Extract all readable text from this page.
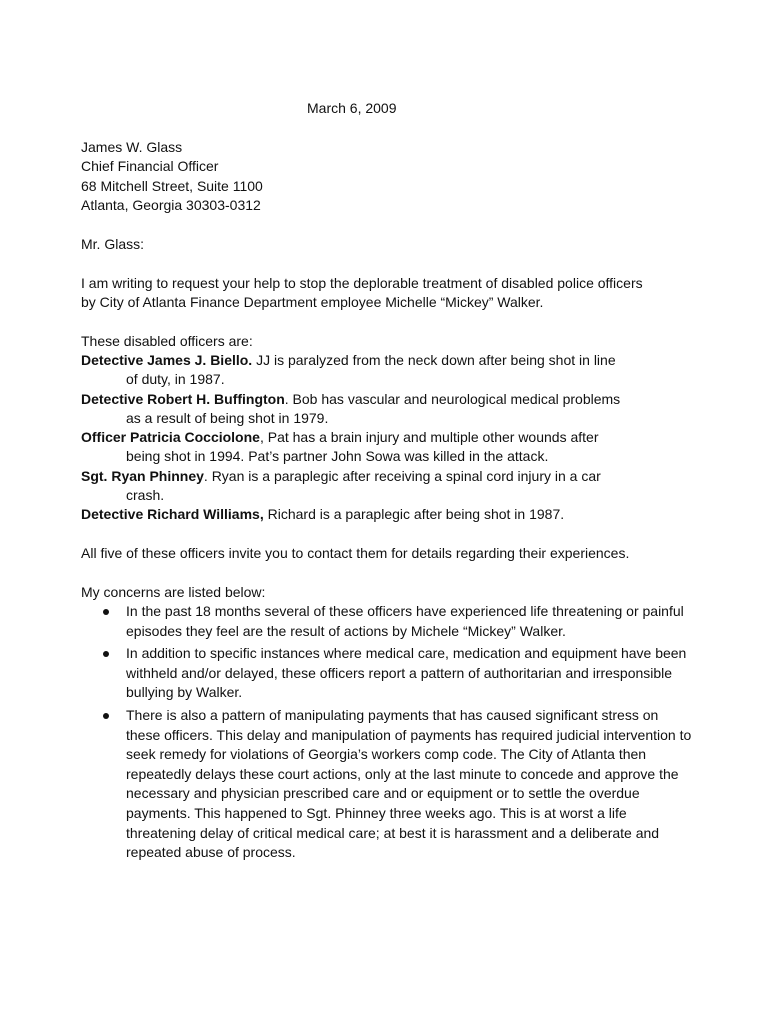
March 6, 2009
James W. Glass
Chief Financial Officer
68 Mitchell Street, Suite 1100
Atlanta, Georgia 30303-0312
Mr. Glass:
I am writing to request your help to stop the deplorable treatment of disabled police officers
by City of Atlanta Finance Department employee Michelle “Mickey” Walker.
These disabled officers are:
Detective James J. Biello. JJ is paralyzed from the neck down after being shot in line
of duty, in 1987.
Detective Robert H. Buffington. Bob has vascular and neurological medical problems
as a result of being shot in 1979.
Officer Patricia Cocciolone, Pat has a brain injury and multiple other wounds after
being shot in 1994. Pat’s partner John Sowa was killed in the attack.
Sgt. Ryan Phinney. Ryan is a paraplegic after receiving a spinal cord injury in a car
crash.
Detective Richard Williams, Richard is a paraplegic after being shot in 1987.
All five of these officers invite you to contact them for details regarding their experiences.
My concerns are listed below:
In the past 18 months several of these officers have experienced life threatening or painful episodes they feel are the result of actions by Michele “Mickey” Walker.
In addition to specific instances where medical care, medication and equipment have been withheld and/or delayed, these officers report a pattern of authoritarian and irresponsible bullying by Walker.
There is also a pattern of manipulating payments that has caused significant stress on these officers. This delay and manipulation of payments has required judicial intervention to seek remedy for violations of Georgia’s workers comp code. The City of Atlanta then repeatedly delays these court actions, only at the last minute to concede and approve the necessary and physician prescribed care and or equipment or to settle the overdue payments. This happened to Sgt. Phinney three weeks ago. This is at worst a life threatening delay of critical medical care; at best it is harassment and a deliberate and repeated abuse of process.
